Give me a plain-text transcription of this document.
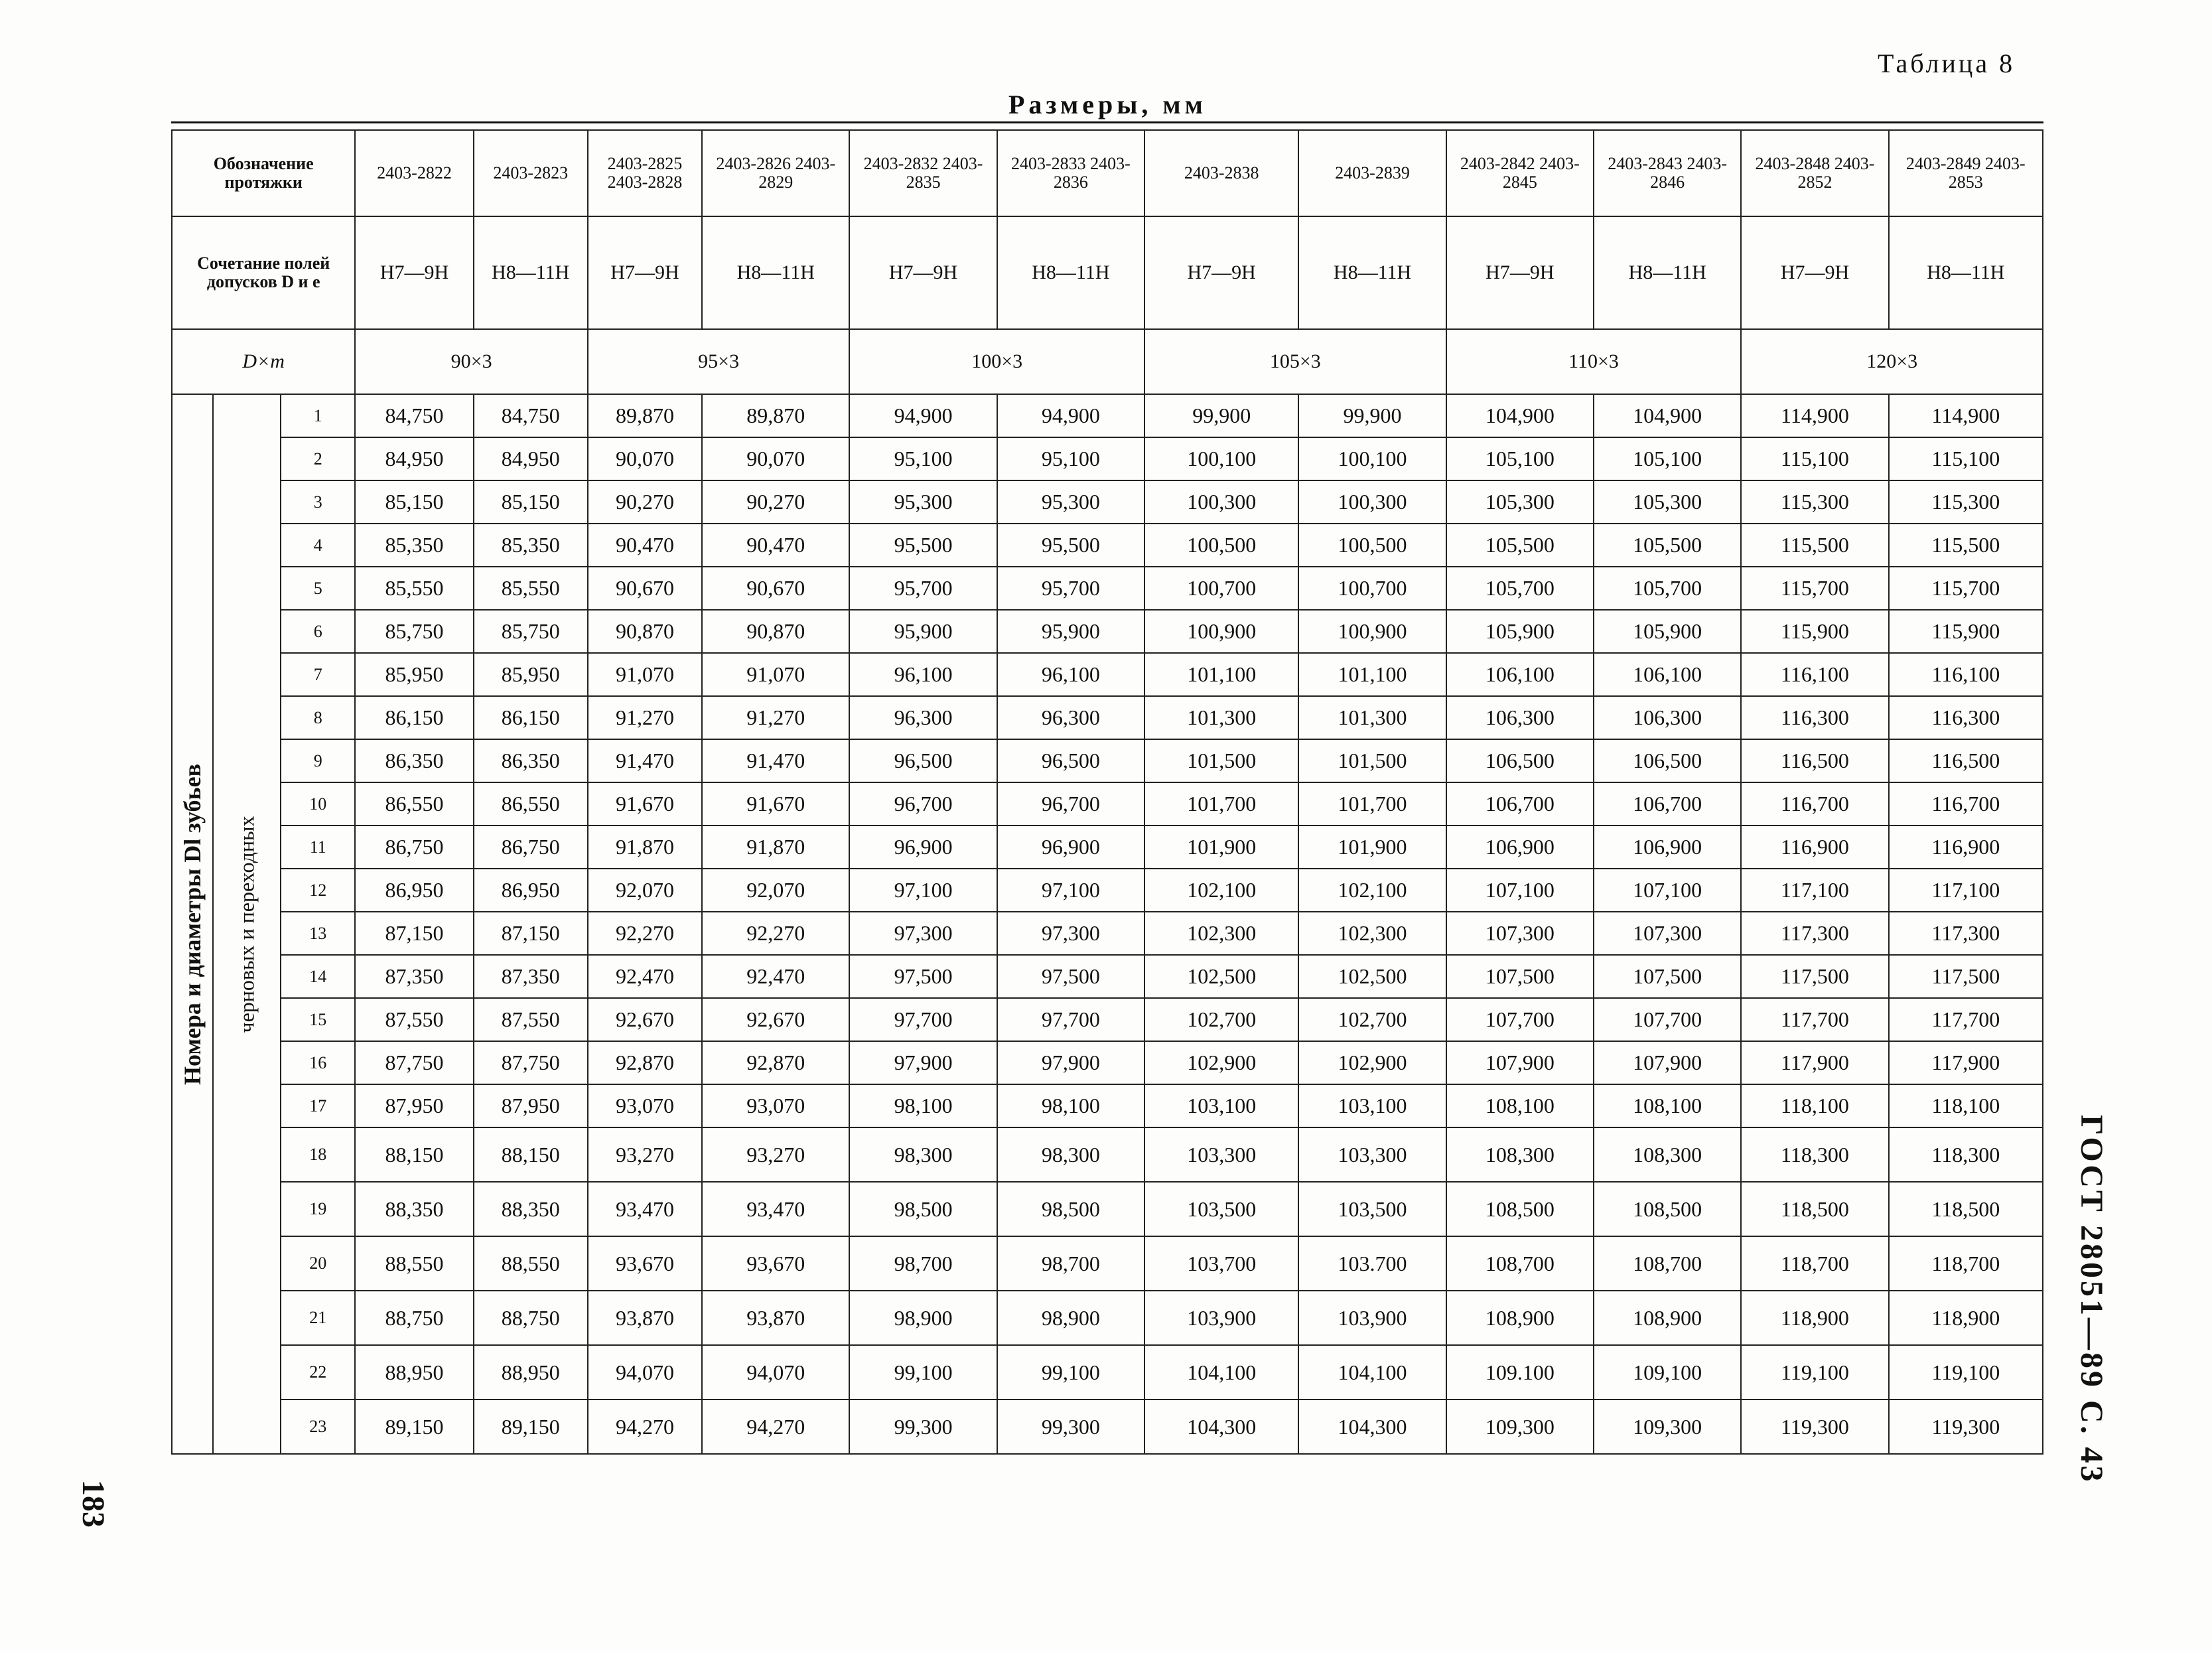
Таблица 8
Размеры, мм
Обозначение протяжки			2403-2822	2403-2823	2403-2825 2403-2828	2403-2826 2403-2829	2403-2832 2403-2835	2403-2833 2403-2836	2403-2838	2403-2839	2403-2842 2403-2845	2403-2843 2403-2846	2403-2848 2403-2852	2403-2849 2403-2853
Сочетание полей допусков D и e			H7—9H	H8—11H	H7—9H	H8—11H	H7—9H	H8—11H	H7—9H	H8—11H	H7—9H	H8—11H	H7—9H	H8—11H
D×m			90×3		95×3		100×3		105×3		110×3		120×3	

Номера и диаметры Dl зубьев	черновых и переходных	1	84,750	84,750	89,870	89,870	94,900	94,900	99,900	99,900	104,900	104,900	114,900	114,900
		2	84,950	84,950	90,070	90,070	95,100	95,100	100,100	100,100	105,100	105,100	115,100	115,100
		3	85,150	85,150	90,270	90,270	95,300	95,300	100,300	100,300	105,300	105,300	115,300	115,300
		4	85,350	85,350	90,470	90,470	95,500	95,500	100,500	100,500	105,500	105,500	115,500	115,500
		5	85,550	85,550	90,670	90,670	95,700	95,700	100,700	100,700	105,700	105,700	115,700	115,700
		6	85,750	85,750	90,870	90,870	95,900	95,900	100,900	100,900	105,900	105,900	115,900	115,900
		7	85,950	85,950	91,070	91,070	96,100	96,100	101,100	101,100	106,100	106,100	116,100	116,100
		8	86,150	86,150	91,270	91,270	96,300	96,300	101,300	101,300	106,300	106,300	116,300	116,300
		9	86,350	86,350	91,470	91,470	96,500	96,500	101,500	101,500	106,500	106,500	116,500	116,500
		10	86,550	86,550	91,670	91,670	96,700	96,700	101,700	101,700	106,700	106,700	116,700	116,700
		11	86,750	86,750	91,870	91,870	96,900	96,900	101,900	101,900	106,900	106,900	116,900	116,900
		12	86,950	86,950	92,070	92,070	97,100	97,100	102,100	102,100	107,100	107,100	117,100	117,100
		13	87,150	87,150	92,270	92,270	97,300	97,300	102,300	102,300	107,300	107,300	117,300	117,300
		14	87,350	87,350	92,470	92,470	97,500	97,500	102,500	102,500	107,500	107,500	117,500	117,500
		15	87,550	87,550	92,670	92,670	97,700	97,700	102,700	102,700	107,700	107,700	117,700	117,700
		16	87,750	87,750	92,870	92,870	97,900	97,900	102,900	102,900	107,900	107,900	117,900	117,900
		17	87,950	87,950	93,070	93,070	98,100	98,100	103,100	103,100	108,100	108,100	118,100	118,100
		18	88,150	88,150	93,270	93,270	98,300	98,300	103,300	103,300	108,300	108,300	118,300	118,300
		19	88,350	88,350	93,470	93,470	98,500	98,500	103,500	103,500	108,500	108,500	118,500	118,500
		20	88,550	88,550	93,670	93,670	98,700	98,700	103,700	103.700	108,700	108,700	118,700	118,700
		21	88,750	88,750	93,870	93,870	98,900	98,900	103,900	103,900	108,900	108,900	118,900	118,900
		22	88,950	88,950	94,070	94,070	99,100	99,100	104,100	104,100	109.100	109,100	119,100	119,100
		23	89,150	89,150	94,270	94,270	99,300	99,300	104,300	104,300	109,300	109,300	119,300	119,300
183
ГОСТ 28051—89 С. 43
